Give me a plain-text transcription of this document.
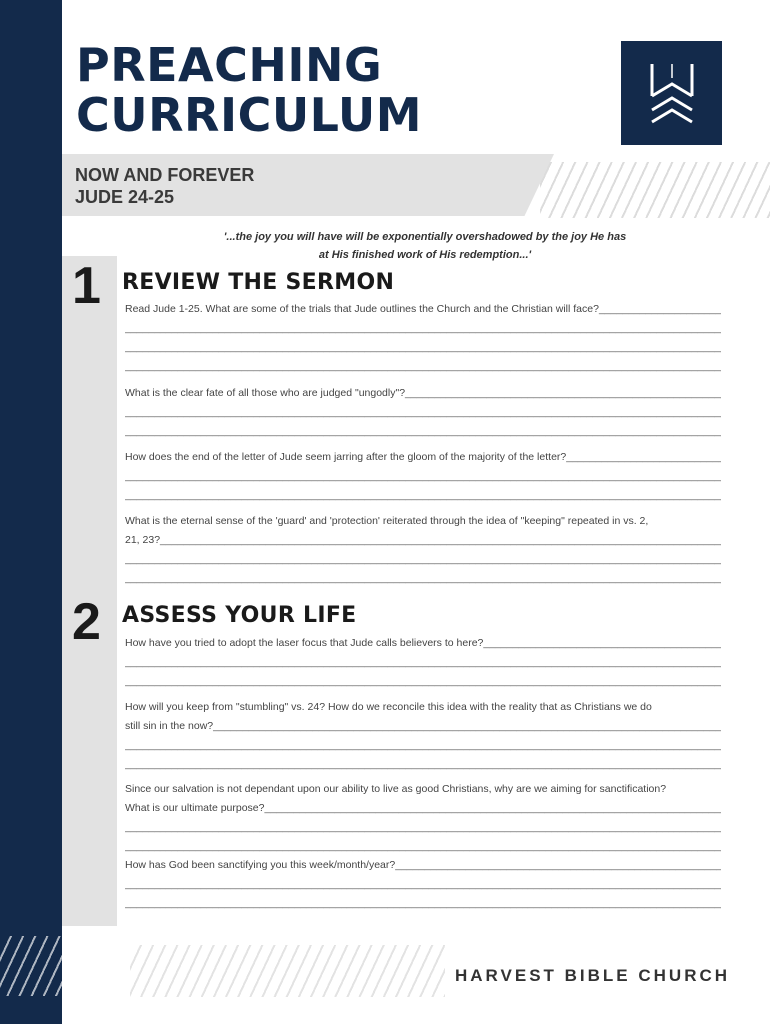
PREACHING
CURRICULUM
NOW AND FOREVER
JUDE 24-25
'...the joy you will have will be exponentially overshadowed by the joy He has
at His finished work of His redemption...'
1 REVIEW THE SERMON
Read Jude 1-25. What are some of the trials that Jude outlines the Church and the Christian will face? _____
_____
_____
_____
What is the clear fate of all those who are judged "ungodly"? _____
_____
_____
How does the end of the letter of Jude seem jarring after the gloom of the majority of the letter? _____
_____
_____
What is the eternal sense of the 'guard' and 'protection' reiterated through the idea of "keeping" repeated in vs. 2,
21, 23? _____
_____
_____
2 ASSESS YOUR LIFE
How have you tried to adopt the laser focus that Jude calls believers to here? _____
_____
_____
How will you keep from "stumbling" vs. 24? How do we reconcile this idea with the reality that as Christians we do
still sin in the now? _____
_____
_____
Since our salvation is not dependant upon our ability to live as good Christians, why are we aiming for sanctification?
What is our ultimate purpose? _____
_____
_____
How has God been sanctifying you this week/month/year? _____
_____
_____
HARVEST BIBLE CHURCH
